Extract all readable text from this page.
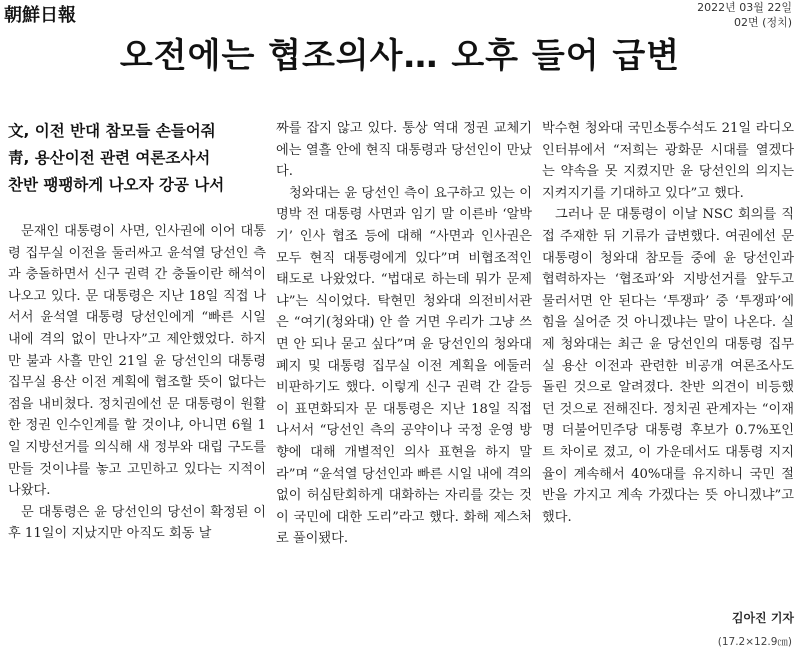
朝鮮日報	2022년 03월 22일
02면 (정치)
오전에는 협조의사… 오후 들어 급변
文, 이전 반대 참모들 손들어줘
靑, 용산이전 관련 여론조사서
찬반 팽팽하게 나오자 강공 나서

문재인 대통령이 사면, 인사권에 이어 대통령 집무실 이전을 둘러싸고 윤석열 당선인 측과 충돌하면서 신구 권력 간 충돌이란 해석이 나오고 있다. 문 대통령은 지난 18일 직접 나서서 윤석열 대통령 당선인에게 “빠른 시일 내에 격의 없이 만나자”고 제안했었다. 하지만 불과 사흘 만인 21일 윤 당선인의 대통령 집무실 용산 이전 계획에 협조할 뜻이 없다는 점을 내비쳤다. 정치권에선 문 대통령이 원활한 정권 인수인계를 할 것이냐, 아니면 6월 1일 지방선거를 의식해 새 정부와 대립 구도를 만들 것이냐를 놓고 고민하고 있다는 지적이 나왔다.

문 대통령은 윤 당선인의 당선이 확정된 이후 11일이 지났지만 아직도 회동 날

짜를 잡지 않고 있다. 통상 역대 정권 교체기에는 열흘 안에 현직 대통령과 당선인이 만났다.

청와대는 윤 당선인 측이 요구하고 있는 이명박 전 대통령 사면과 임기 말 이른바 ‘알박기’ 인사 협조 등에 대해 “사면과 인사권은 모두 현직 대통령에게 있다”며 비협조적인 태도로 나왔었다. “법대로 하는데 뭐가 문제냐”는 식이었다. 탁현민 청와대 의전비서관은 “여기(청와대) 안 쓸 거면 우리가 그냥 쓰면 안 되나 묻고 싶다”며 윤 당선인의 청와대 폐지 및 대통령 집무실 이전 계획을 에둘러 비판하기도 했다. 이렇게 신구 권력 간 갈등이 표면화되자 문 대통령은 지난 18일 직접 나서서 “당선인 측의 공약이나 국정 운영 방향에 대해 개별적인 의사 표현을 하지 말라”며 “윤석열 당선인과 빠른 시일 내에 격의 없이 허심탄회하게 대화하는 자리를 갖는 것이 국민에 대한 도리”라고 했다. 화해 제스처로 풀이됐다.

박수현 청와대 국민소통수석도 21일 라디오 인터뷰에서 “저희는 광화문 시대를 열겠다는 약속을 못 지켰지만 윤 당선인의 의지는 지켜지기를 기대하고 있다”고 했다.

그러나 문 대통령이 이날 NSC 회의를 직접 주재한 뒤 기류가 급변했다. 여권에선 문 대통령이 청와대 참모들 중에 윤 당선인과 협력하자는 ‘협조파’와 지방선거를 앞두고 물러서면 안 된다는 ‘투쟁파’ 중 ‘투쟁파’에 힘을 실어준 것 아니겠냐는 말이 나온다. 실제 청와대는 최근 윤 당선인의 대통령 집무실 용산 이전과 관련한 비공개 여론조사도 돌린 것으로 알려졌다. 찬반 의견이 비등했던 것으로 전해진다. 정치권 관계자는 “이재명 더불어민주당 대통령 후보가 0.7%포인트 차이로 졌고, 이 가운데서도 대통령 지지율이 계속해서 40%대를 유지하니 국민 절반을 가지고 계속 가겠다는 뜻 아니겠냐”고 했다.

김아진 기자
(17.2×12.9㎝)
